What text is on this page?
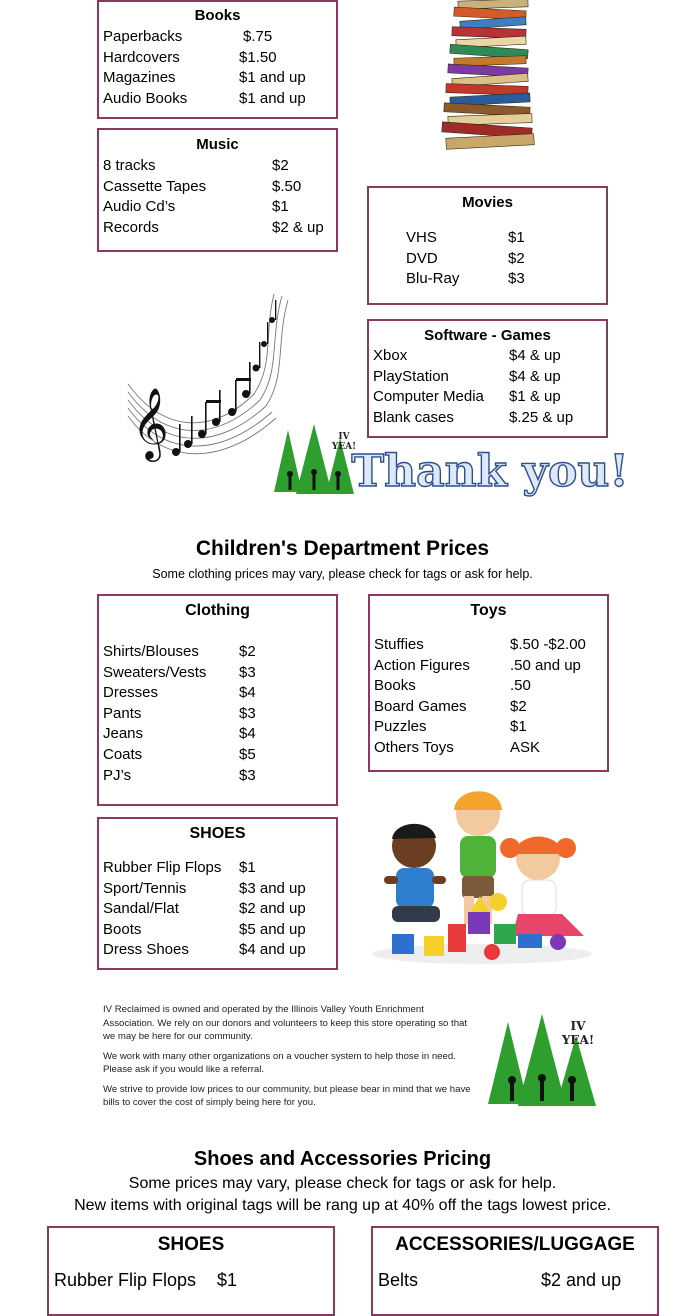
Books
Paperbacks	$.75
Hardcovers	$1.50
Magazines	$1 and up
Audio Books	$1 and up
Music
8 tracks	$2
Cassette Tapes	$.50
Audio Cd’s	$1
Records	$2 & up
Movies
VHS	$1
DVD	$2
Blu-Ray	$3
Software - Games
Xbox	$4 & up
PlayStation	$4 & up
Computer Media $1 & up
Blank cases	$.25 & up
𝄞	IV
YEA!
Thank you!
Children's Department Prices
Some clothing prices may vary, please check for tags or ask for help.
Clothing
Shirts/Blouses	$2
Sweaters/Vests $3
Dresses	$4
Pants	$3
Jeans	$4
Coats	$5
PJ’s	$3
Toys
Stuffies	$.50 -$2.00
Action Figures	.50 and up
Books	.50
Board Games	$2
Puzzles	$1
Others Toys	ASK
SHOES
Rubber Flip Flops $1
Sport/Tennis	$3 and up
Sandal/Flat	$2 and up
Boots	$5 and up
Dress Shoes	$4 and up

IV Reclaimed is owned and operated by the Illinois Valley Youth Enrichment Association. We rely on our donors and volunteers to keep this store operating so that we may be here for our community.

We work with many other organizations on a voucher system to help those in need. Please ask if you would like a referral.

We strive to provide low prices to our community, but please bear in mind that we have bills to cover the cost of simply being here for you.

IV
YEA!
Shoes and Accessories Pricing
Some prices may vary, please check for tags or ask for help.
New items with original tags will be rang up at 40% off the tags lowest price.
SHOES
Rubber Flip Flops $1
ACCESSORIES/LUGGAGE
Belts	$2 and up
